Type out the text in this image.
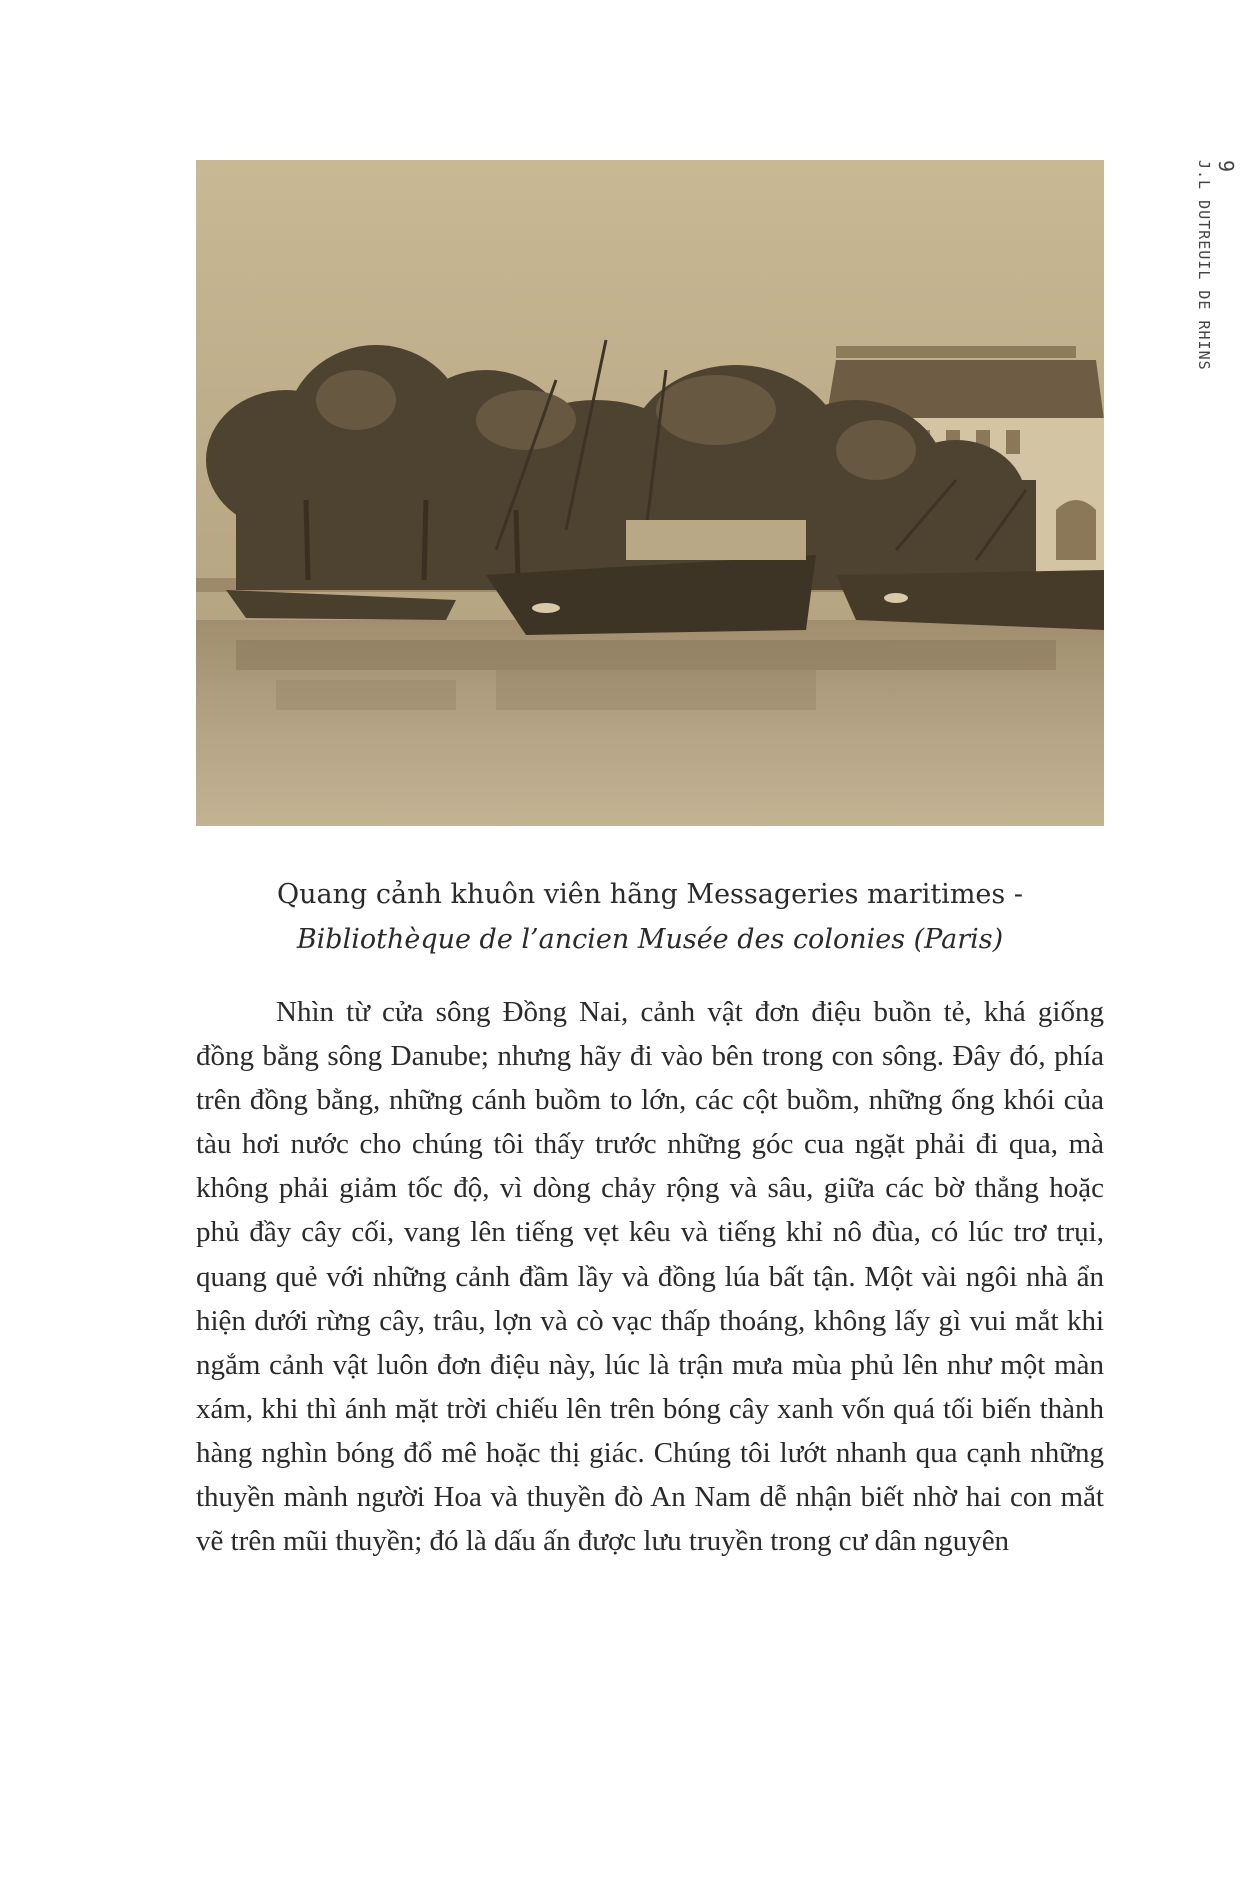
9
J.L DUTREUIL DE RHINS
Quang cảnh khuôn viên hãng Messageries maritimes - Bibliothèque de l’ancien Musée des colonies (Paris)

Nhìn từ cửa sông Đồng Nai, cảnh vật đơn điệu buồn tẻ, khá giống đồng bằng sông Danube; nhưng hãy đi vào bên trong con sông. Đây đó, phía trên đồng bằng, những cánh buồm to lớn, các cột buồm, những ống khói của tàu hơi nước cho chúng tôi thấy trước những góc cua ngặt phải đi qua, mà không phải giảm tốc độ, vì dòng chảy rộng và sâu, giữa các bờ thẳng hoặc phủ đầy cây cối, vang lên tiếng vẹt kêu và tiếng khỉ nô đùa, có lúc trơ trụi, quang quẻ với những cảnh đầm lầy và đồng lúa bất tận. Một vài ngôi nhà ẩn hiện dưới rừng cây, trâu, lợn và cò vạc thấp thoáng, không lấy gì vui mắt khi ngắm cảnh vật luôn đơn điệu này, lúc là trận mưa mùa phủ lên như một màn xám, khi thì ánh mặt trời chiếu lên trên bóng cây xanh vốn quá tối biến thành hàng nghìn bóng đổ mê hoặc thị giác. Chúng tôi lướt nhanh qua cạnh những thuyền mành người Hoa và thuyền đò An Nam dễ nhận biết nhờ hai con mắt vẽ trên mũi thuyền; đó là dấu ấn được lưu truyền trong cư dân nguyên
